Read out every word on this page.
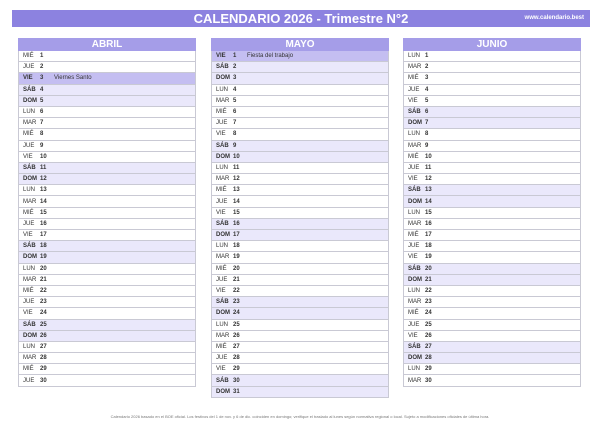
CALENDARIO 2026 - Trimestre N°2	www.calendario.best
ABRIL
MIÉ	1
JUE 2
VIE	3	Viernes Santo
SÁB 4
DOM 5
LUN 6
MAR 7
MIÉ	8
JUE 9
VIE	10
SÁB 11
DOM 12
LUN 13
MAR 14
MIÉ	15
JUE 16
VIE	17
SÁB 18
DOM 19
LUN 20
MAR 21
MIÉ	22
JUE 23
VIE	24
SÁB 25
DOM 26
LUN 27
MAR 28
MIÉ	29
JUE 30
MAYO
VIE	1	Fiesta del trabajo
SÁB 2
DOM 3
LUN 4
MAR 5
MIÉ	6
JUE 7
VIE	8
SÁB 9
DOM 10
LUN 11
MAR 12
MIÉ	13
JUE 14
VIE	15
SÁB 16
DOM 17
LUN 18
MAR 19
MIÉ	20
JUE 21
VIE	22
SÁB 23
DOM 24
LUN 25
MAR 26
MIÉ	27
JUE 28
VIE	29
SÁB 30
DOM 31
JUNIO
LUN 1
MAR 2
MIÉ	3
JUE 4
VIE	5
SÁB 6
DOM 7
LUN 8
MAR 9
MIÉ	10
JUE 11
VIE	12
SÁB 13
DOM 14
LUN 15
MAR 16
MIÉ	17
JUE 18
VIE	19
SÁB 20
DOM 21
LUN 22
MAR 23
MIÉ	24
JUE 25
VIE	26
SÁB 27
DOM 28
LUN 29
MAR 30
Calendario 2026 basado en el BOE oficial. Los festivos del 1 de nov. y 6 de dic. coinciden en domingo; verifique el traslado al lunes según normativa regional o local. Sujeto a modificaciones oficiales de última hora.
